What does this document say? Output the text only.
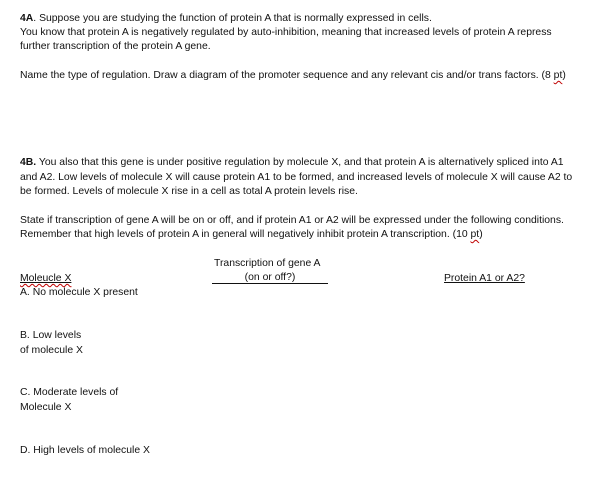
4A. Suppose you are studying the function of protein A that is normally expressed in cells.
You know that protein A is negatively regulated by auto-inhibition, meaning that increased levels of protein A repress
further transcription of the protein A gene.
Name the type of regulation. Draw a diagram of the promoter sequence and any relevant cis and/or trans factors. (8 pt)
4B. You also that this gene is under positive regulation by molecule X, and that protein A is alternatively spliced into A1
and A2. Low levels of molecule X will cause protein A1 to be formed, and increased levels of molecule X will cause A2 to
be formed. Levels of molecule X rise in a cell as total A protein levels rise.
State if transcription of gene A will be on or off, and if protein A1 or A2 will be expressed under the following conditions.
Remember that high levels of protein A in general will negatively inhibit protein A transcription. (10 pt)
Transcription of gene A
(on or off?)
Moleucle X	Protein A1 or A2?
A. No molecule X present
B. Low levels
of molecule X
C. Moderate levels of
Molecule X
D. High levels of molecule X
